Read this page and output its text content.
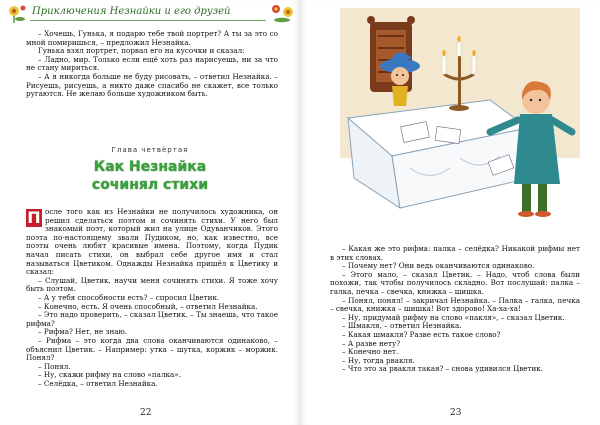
Приключения Незнайки и его друзей

– Хочешь, Гунька, я подарю тебе твой портрет? А ты за это со мной помиришься, – предложил Незнайка.

Гунька взял портрет, порвал его на кусочки и сказал:

– Ладно, мир. Только если ещё хоть раз нарисуешь, ни за что не стану мириться.

– А я никогда больше не буду рисовать, – ответил Незнайка. – Рисуешь, рисуешь, а никто даже спасибо не скажет, все только ругаются. Не желаю больше художником быть.

Глава четвёртая
Как Незнайка
сочинял стихи
П осле того как из Незнайки не получилось художника, он решил сделаться поэтом и сочинять стихи. У него был знакомый поэт, который жил на улице Одуванчиков. Этого поэта по-настоящему звали Пудиком, но, как известно, все поэты очень любят красивые имена. Поэтому, когда Пудик начал писать стихи, он выбрал себе другое имя и стал называться Цветиком. Однажды Незнайка пришёл к Цветику и сказал:

– Слушай, Цветик, научи меня сочинять стихи. Я тоже хочу быть поэтом.

– А у тебя способности есть? – спросил Цветик.

– Конечно, есть. Я очень способный, – ответил Незнайка.

– Это надо проверить, – сказал Цветик. – Ты знаешь, что такое рифма?

– Рифма? Нет, не знаю.

– Рифма – это когда два слова оканчиваются одинаково, – объяснил Цветик. – Например: утка – шутка, коржик – моржик. Понял?

– Понял.

– Ну, скажи рифму на слово «палка».

– Селёдка, – ответил Незнайка.

22

– Какая же это рифма: палка – селёдка? Никакой рифмы нет в этих словах.

– Почему нет? Они ведь оканчиваются одинаково.

– Этого мало, – сказал Цветик. – Надо, чтоб слова были похожи, так чтобы получилось складно. Вот послушай: палка – галка, печка – свечка, книжка – шишка.

– Понял, понял! – закричал Незнайка. – Палка – галка, печка – свечка, книжка – шишка! Вот здорово! Ха-ха-ха!

– Ну, придумай рифму на слово «пакля», – сказал Цветик.

– Шмакля, – ответил Незнайка.

– Какая шмакля? Разве есть такое слово?

– А разве нету?

– Конечно нет.

– Ну, тогда рвакля.

– Что это за рвакля такая? – снова удивился Цветик.

23
